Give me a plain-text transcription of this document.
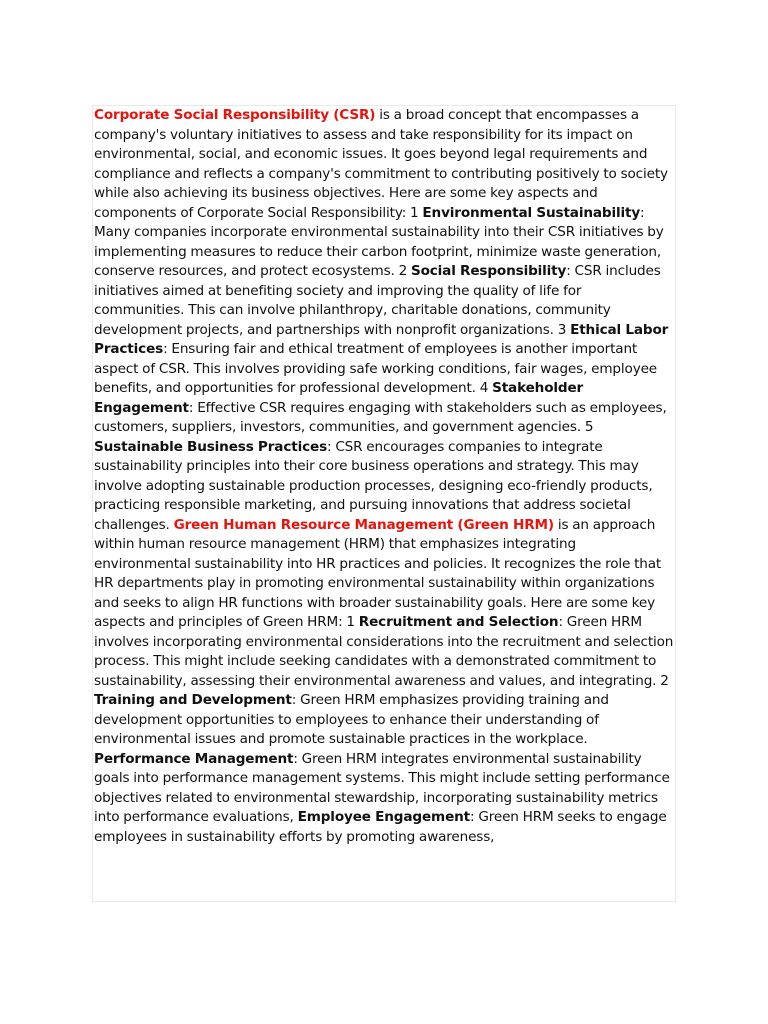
Corporate Social Responsibility (CSR) is a broad concept that encompasses a company's voluntary initiatives to assess and take responsibility for its impact on environmental, social, and economic issues. It goes beyond legal requirements and compliance and reflects a company's commitment to contributing positively to society while also achieving its business objectives. Here are some key aspects and components of Corporate Social Responsibility: 1 Environmental Sustainability: Many companies incorporate environmental sustainability into their CSR initiatives by implementing measures to reduce their carbon footprint, minimize waste generation, conserve resources, and protect ecosystems. 2 Social Responsibility: CSR includes initiatives aimed at benefiting society and improving the quality of life for communities. This can involve philanthropy, charitable donations, community development projects, and partnerships with nonprofit organizations. 3 Ethical Labor Practices: Ensuring fair and ethical treatment of employees is another important aspect of CSR. This involves providing safe working conditions, fair wages, employee benefits, and opportunities for professional development. 4 Stakeholder Engagement: Effective CSR requires engaging with stakeholders such as employees, customers, suppliers, investors, communities, and government agencies. 5 Sustainable Business Practices: CSR encourages companies to integrate sustainability principles into their core business operations and strategy. This may involve adopting sustainable production processes, designing eco-friendly products, practicing responsible marketing, and pursuing innovations that address societal challenges. Green Human Resource Management (Green HRM) is an approach within human resource management (HRM) that emphasizes integrating environmental sustainability into HR practices and policies. It recognizes the role that HR departments play in promoting environmental sustainability within organizations and seeks to align HR functions with broader sustainability goals. Here are some key aspects and principles of Green HRM: 1 Recruitment and Selection: Green HRM involves incorporating environmental considerations into the recruitment and selection process. This might include seeking candidates with a demonstrated commitment to sustainability, assessing their environmental awareness and values, and integrating. 2 Training and Development: Green HRM emphasizes providing training and development opportunities to employees to enhance their understanding of environmental issues and promote sustainable practices in the workplace. Performance Management: Green HRM integrates environmental sustainability goals into performance management systems. This might include setting performance objectives related to environmental stewardship, incorporating sustainability metrics into performance evaluations, Employee Engagement: Green HRM seeks to engage employees in sustainability efforts by promoting awareness,
